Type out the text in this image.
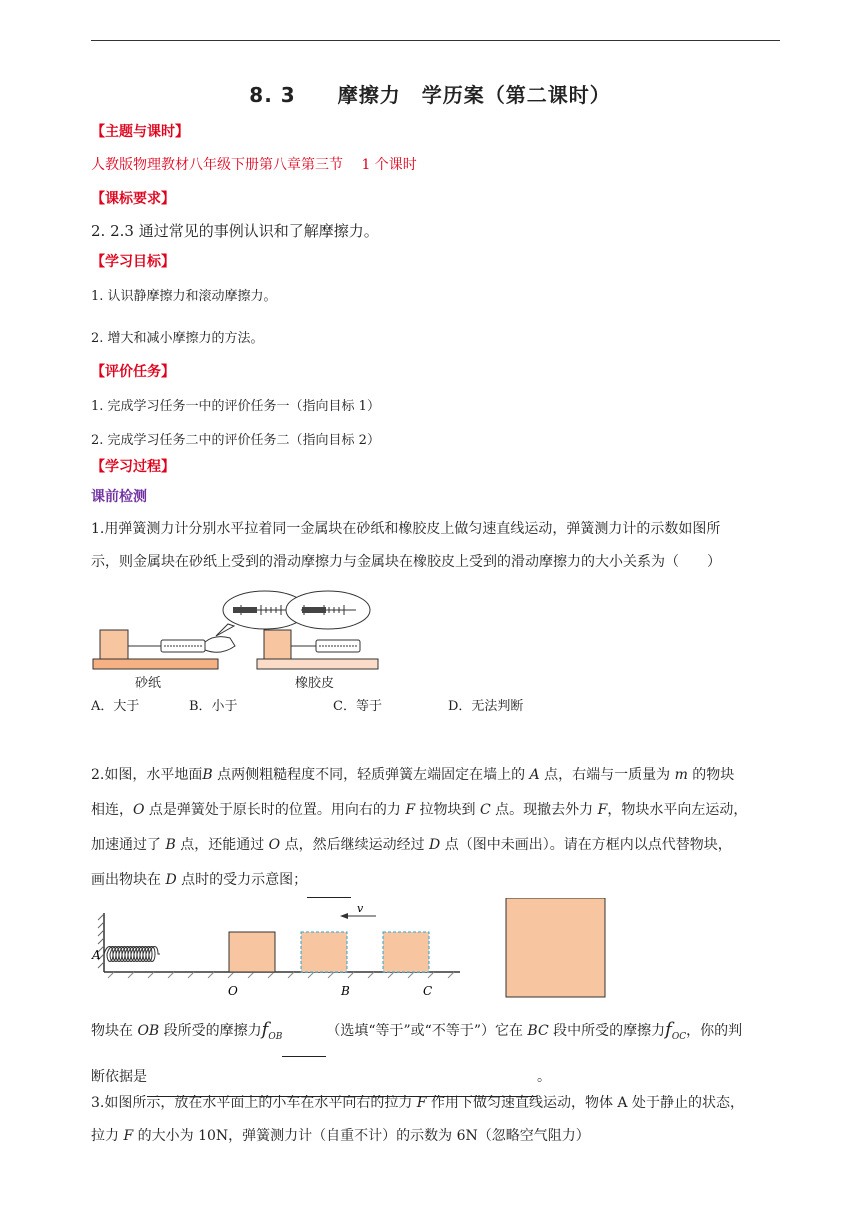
8. 3　　摩擦力　学历案（第二课时）
【主题与课时】
人教版物理教材八年级下册第八章第三节　 1 个课时
【课标要求】
2. 2.3 通过常见的事例认识和了解摩擦力。
【学习目标】
1. 认识静摩擦力和滚动摩擦力。
2. 增大和减小摩擦力的方法。
【评价任务】
1. 完成学习任务一中的评价任务一（指向目标 1）
2. 完成学习任务二中的评价任务二（指向目标 2）
【学习过程】
课前检测
1.用弹簧测力计分别水平拉着同一金属块在砂纸和橡胶皮上做匀速直线运动，弹簧测力计的示数如图所
示，则金属块在砂纸上受到的滑动摩擦力与金属块在橡胶皮上受到的滑动摩擦力的大小关系为（　　）
砂纸	橡胶皮
A．大于	B．小于	C．等于	D．无法判断
2.如图，水平地面B 点两侧粗糙程度不同，轻质弹簧左端固定在墙上的 A 点，右端与一质量为 m 的物块
相连，O 点是弹簧处于原长时的位置。用向右的力 F 拉物块到 C 点。现撤去外力 F，物块水平向左运动，
加速通过了 B 点，还能通过 O 点，然后继续运动经过 D 点（图中未画出）。请在方框内以点代替物块，
画出物块在 D 点时的受力示意图；
v
A
O	B	C
物块在 OB 段所受的摩擦力$f_{OB}$	（选填“等于”或“不等于”）它在 BC 段中所受的摩擦力$f_{OC}$，你的判
断依据是	。
3.如图所示，放在水平面上的小车在水平向右的拉力 F 作用下做匀速直线运动，物体 A 处于静止的状态，
拉力 F 的大小为 10N，弹簧测力计（自重不计）的示数为 6N（忽略空气阻力）
